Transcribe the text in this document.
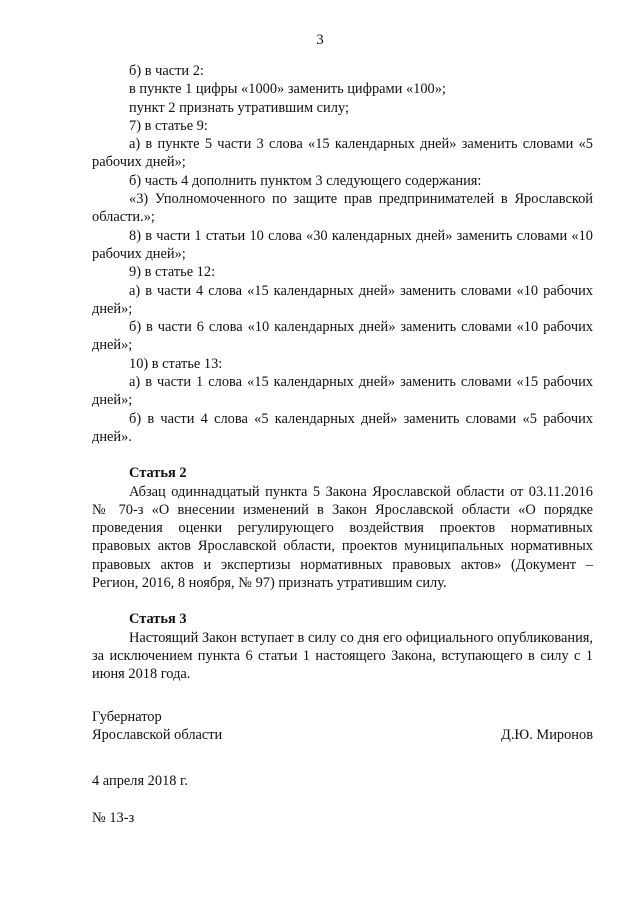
3

б) в части 2:

в пункте 1 цифры «1000» заменить цифрами «100»;

пункт 2 признать утратившим силу;

7) в статье 9:

а) в пункте 5 части 3 слова «15 календарных дней» заменить словами «5 рабочих дней»;

б) часть 4 дополнить пунктом 3 следующего содержания:

«3) Уполномоченного по защите прав предпринимателей в Ярославской области.»;

8) в части 1 статьи 10 слова «30 календарных дней» заменить словами «10 рабочих дней»;

9) в статье 12:

а) в части 4 слова «15 календарных дней» заменить словами «10 рабочих дней»;

б) в части 6 слова «10 календарных дней» заменить словами «10 рабочих дней»;

10) в статье 13:

а) в части 1 слова «15 календарных дней» заменить словами «15 рабочих дней»;

б) в части 4 слова «5 календарных дней» заменить словами «5 рабочих дней».

Статья 2

Абзац одиннадцатый пункта 5 Закона Ярославской области от 03.11.2016 № 70-з «О внесении изменений в Закон Ярославской области «О порядке проведения оценки регулирующего воздействия проектов нормативных правовых актов Ярославской области, проектов муниципальных нормативных правовых актов и экспертизы нормативных правовых актов» (Документ – Регион, 2016, 8 ноября, № 97) признать утратившим силу.

Статья 3

Настоящий Закон вступает в силу со дня его официального опубликования, за исключением пункта 6 статьи 1 настоящего Закона, вступающего в силу с 1 июня 2018 года.

Губернатор
Ярославской области	Д.Ю. Миронов
4 апреля 2018 г.
№ 13-з
